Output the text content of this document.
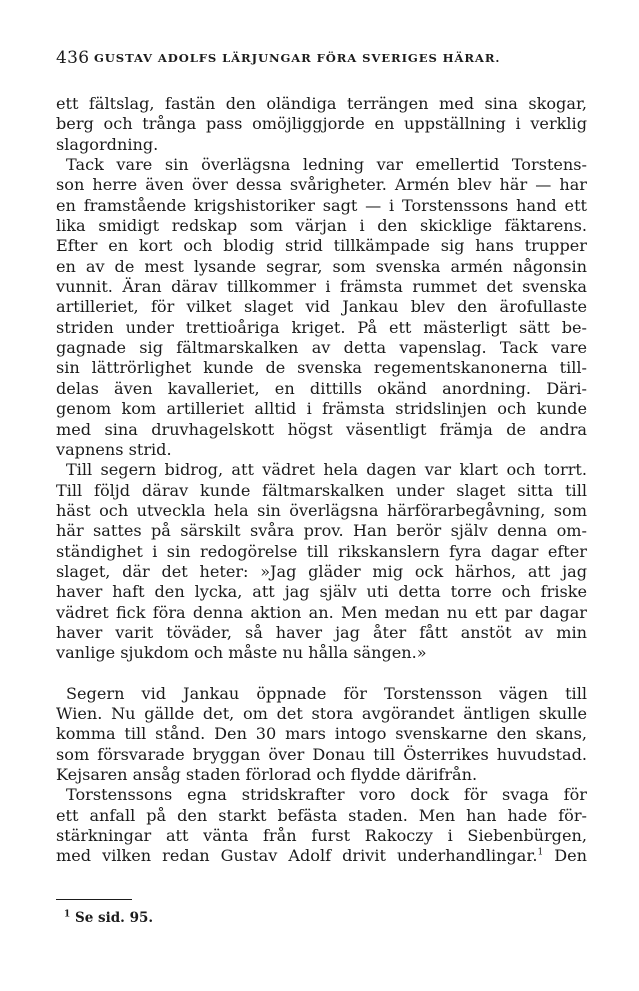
436 GUSTAV ADOLFS LÄRJUNGAR FÖRA SVERIGES HÄRAR.
ett fältslag, fastän den oländiga terrängen med sina skogar,
berg och trånga pass omöjliggjorde en uppställning i verklig
slagordning.
Tack vare sin överlägsna ledning var emellertid Torstens-
son herre även över dessa svårigheter. Armén blev här — har
en framstående krigshistoriker sagt — i Torstenssons hand ett
lika smidigt redskap som värjan i den skicklige fäktarens.
Efter en kort och blodig strid tillkämpade sig hans trupper
en av de mest lysande segrar, som svenska armén någonsin
vunnit. Äran därav tillkommer i främsta rummet det svenska
artilleriet, för vilket slaget vid Jankau blev den ärofullaste
striden under trettioåriga kriget. På ett mästerligt sätt be-
gagnade sig fältmarskalken av detta vapenslag. Tack vare
sin lättrörlighet kunde de svenska regementskanonerna till-
delas även kavalleriet, en dittills okänd anordning. Däri-
genom kom artilleriet alltid i främsta stridslinjen och kunde
med sina druvhagelskott högst väsentligt främja de andra
vapnens strid.
Till segern bidrog, att vädret hela dagen var klart och torrt.
Till följd därav kunde fältmarskalken under slaget sitta till
häst och utveckla hela sin överlägsna härförarbegåvning, som
här sattes på särskilt svåra prov. Han berör själv denna om-
ständighet i sin redogörelse till rikskanslern fyra dagar efter
slaget, där det heter: »Jag gläder mig ock härhos, att jag
haver haft den lycka, att jag själv uti detta torre och friske
vädret fick föra denna aktion an. Men medan nu ett par dagar
haver varit töväder, så haver jag åter fått anstöt av min
vanlige sjukdom och måste nu hålla sängen.»
Segern vid Jankau öppnade för Torstensson vägen till
Wien. Nu gällde det, om det stora avgörandet äntligen skulle
komma till stånd. Den 30 mars intogo svenskarne den skans,
som försvarade bryggan över Donau till Österrikes huvudstad.
Kejsaren ansåg staden förlorad och flydde därifrån.
Torstenssons egna stridskrafter voro dock för svaga för
ett anfall på den starkt befästa staden. Men han hade för-
stärkningar att vänta från furst Rakoczy i Siebenbürgen,
med vilken redan Gustav Adolf drivit underhandlingar.$^1$ Den
$^1$ Se sid. 95.
